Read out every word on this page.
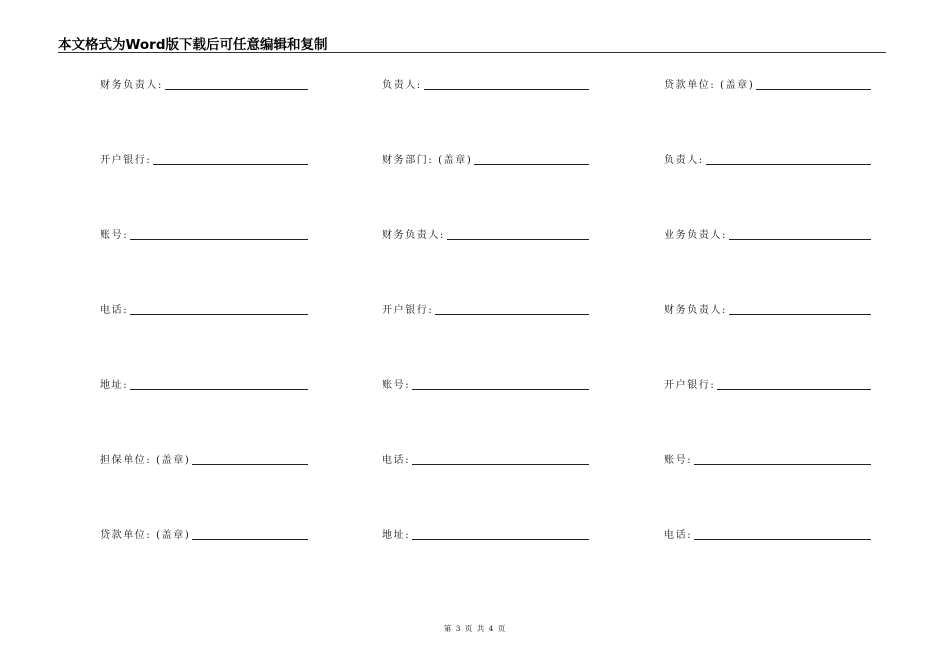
本文格式为Word版下载后可任意编辑和复制
财务负责人:	负责人:	贷款单位: (盖章)
开户银行:	财务部门: (盖章)	负责人:
账号:	财务负责人:	业务负责人:
电话:	开户银行:	财务负责人:
地址:	账号:	开户银行:
担保单位: (盖章)	电话:	账号:
贷款单位: (盖章)	地址:	电话:
第 3 页 共 4 页
